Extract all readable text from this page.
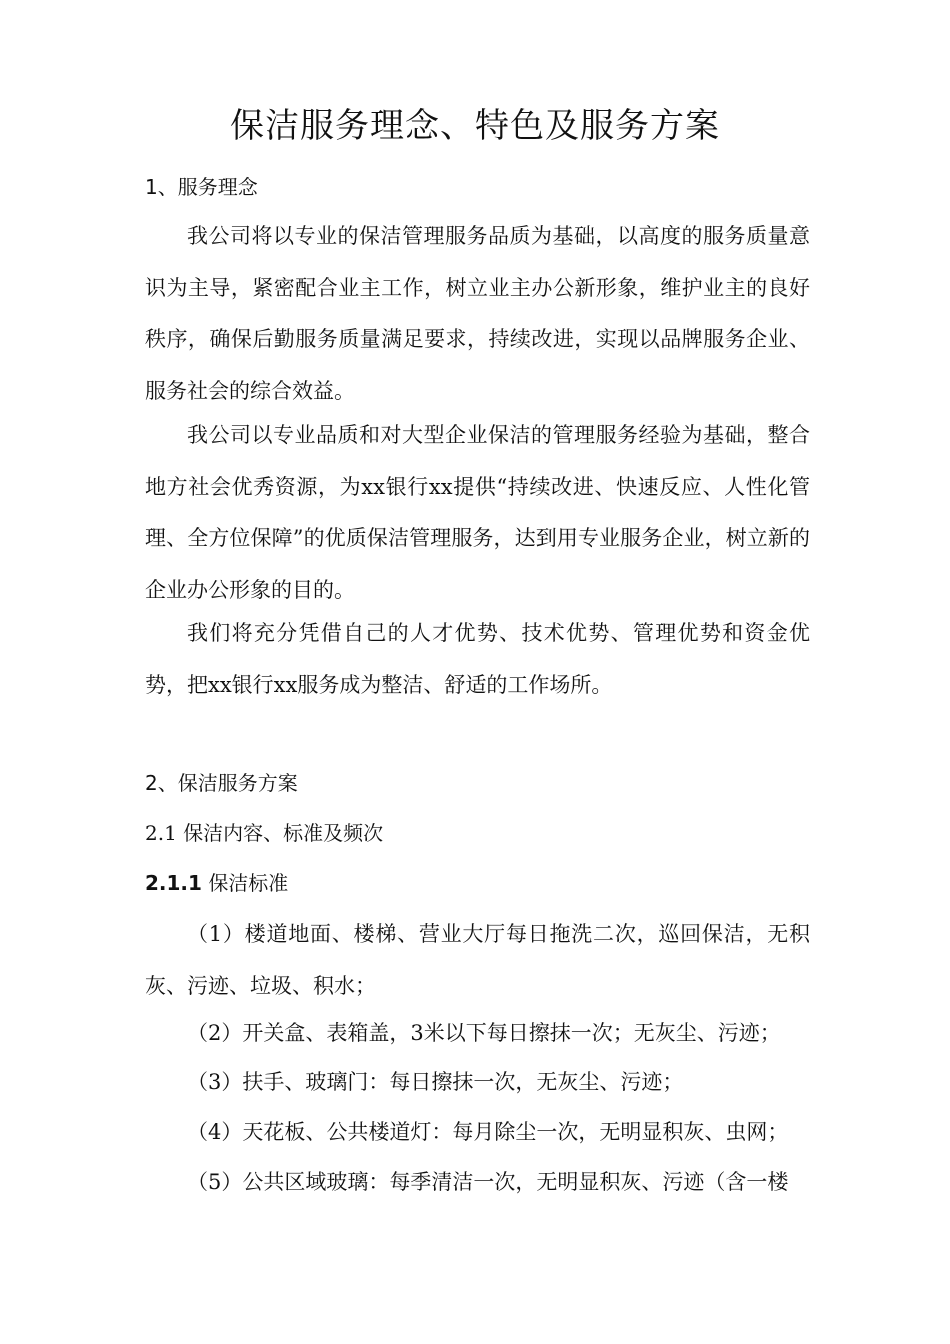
保洁服务理念、特色及服务方案
1、服务理念
我公司将以专业的保洁管理服务品质为基础，以高度的服务质量意识为主导，紧密配合业主工作，树立业主办公新形象，维护业主的良好秩序，确保后勤服务质量满足要求，持续改进，实现以品牌服务企业、服务社会的综合效益。
我公司以专业品质和对大型企业保洁的管理服务经验为基础，整合地方社会优秀资源，为xx银行xx提供“持续改进、快速反应、人性化管理、全方位保障”的优质保洁管理服务，达到用专业服务企业，树立新的企业办公形象的目的。
我们将充分凭借自己的人才优势、技术优势、管理优势和资金优势，把xx银行xx服务成为整洁、舒适的工作场所。
2、保洁服务方案
2.1 保洁内容、标准及频次
2.1.1 保洁标准
（1）楼道地面、楼梯、营业大厅每日拖洗二次，巡回保洁，无积灰、污迹、垃圾、积水；
（2）开关盒、表箱盖，3米以下每日擦抹一次；无灰尘、污迹；
（3）扶手、玻璃门：每日擦抹一次，无灰尘、污迹；
（4）天花板、公共楼道灯：每月除尘一次，无明显积灰、虫网；
（5）公共区域玻璃：每季清洁一次，无明显积灰、污迹（含一楼
